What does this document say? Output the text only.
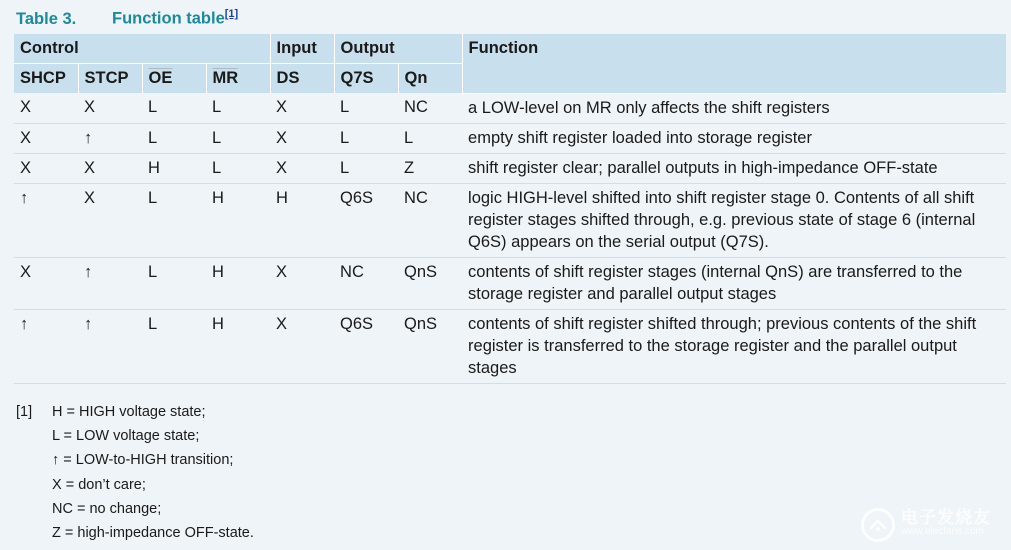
Table 3. Function table[1]
Control				Input	Output		Function
SHCP	STCP	$\overline{OE}$	$\overline{MR}$	DS	Q7S	Qn	
X	X	L	L	X	L	NC	a LOW-level on MR only affects the shift registers
X	↑	L	L	X	L	L	empty shift register loaded into storage register
X	X	H	L	X	L	Z	shift register clear; parallel outputs in high-impedance OFF-state
↑	X	L	H	H	Q6S	NC	logic HIGH-level shifted into shift register stage 0. Contents of all shift register stages shifted through, e.g. previous state of stage 6 (internal Q6S) appears on the serial output (Q7S).
X	↑	L	H	X	NC	QnS	contents of shift register stages (internal QnS) are transferred to the storage register and parallel output stages
↑	↑	L	H	X	Q6S	QnS	contents of shift register shifted through; previous contents of the shift register is transferred to the storage register and the parallel output stages
[1] H = HIGH voltage state;
L = LOW voltage state;
↑ = LOW-to-HIGH transition;
X = don’t care;
NC = no change;
Z = high-impedance OFF-state.
电子发烧友
www.elecfans.com
